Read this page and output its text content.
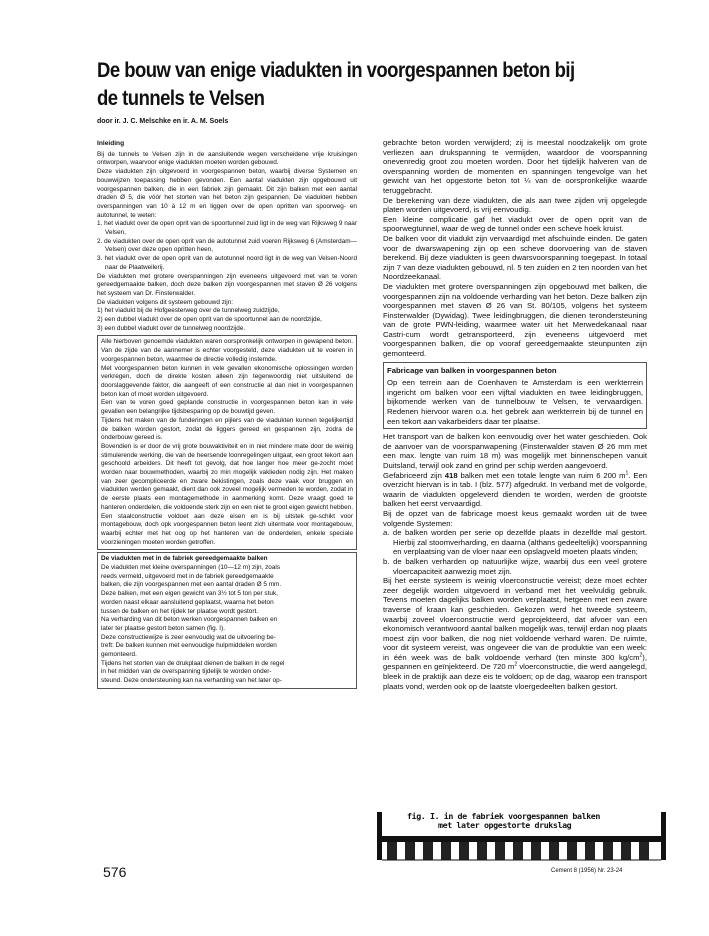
De bouw van enige viadukten in voorgespannen beton bij de tunnels te Velsen

door ir. J. C. Melschke en ir. A. M. Soels

Inleiding

Bij de tunnels te Velsen zijn in de aansluitende wegen verscheidene vrije kruisingen ontworpen, waarvoor enige viadukten moeten worden gebouwd.

Deze viadukten zijn uitgevoerd in voorgespannen beton, waarbij diverse Systemen en bouwwijzen toepassing hebben gevonden. Een aantal viadukten zijn opgebouwd uit voorgespannen balken, die in een fabriek zijn gemaakt. Dit zijn balken met een aantal draden Ø 5, die vóór het storten van het beton zijn gespannen. De viadukten hebben overspanningen van 10 à 12 m en liggen over de open opritten van spoorweg- en autotunnel, te weten:

1. het viadukt over de open oprit van de spoortunnel zuid ligt in de weg van Rijksweg 9 naar Velsen,

2. de viadukten over de open oprit van de autotunnel zuid voeren Rijksweg 6 (Amsterdam—Velsen) over deze open opritten heen,

3. het viadukt over de open oprit van de autotunnel noord ligt in de weg van Velsen-Noord naar de Plaatweilerij.

De viadukten met grotere overspanningen zijn eveneens uitgevoerd met van te voren gereedgemaakte balken, doch deze balken zijn voorgespannen met staven Ø 26 volgens het systeem van Dr. Finsterwalder.

De viadukten volgens dit systeem gebouwd zijn:

1) het viadukt bij de Hofgeesterweg over de tunnelweg zuidzijde,

2) een dubbel viadukt over de open oprit van de spoortunnel aan de noordzijde,

3) een dubbel viadukt over de tunnelweg noordzijde.

Alle hierboven genoemde viadukten waren oorspronkelijk ontworpen in gewapend beton. Van de zijde van de aannemer is echter voorgesteld, deze viadukten uit te voeren in voorgespannen beton, waarmee de directie volledig instemde.

Met voorgespannen beton kunnen in vele gevallen ekonomische oplossingen worden verkregen, doch de direkte kosten alleen zijn tegenwoordig niet uitsluitend de doorslaggevende faktor, die aangeeft of een constructie al dan niet in voorgespannen beton kan of moet worden uitgevoerd.

Een van te voren goed geplande constructie in voorgespannen beton kan in vele gevallen een belangrijke tijdsbesparing op de bouwtijd geven.

Tijdens het maken van de funderingen en pijlers van de viadukten kunnen tegelijkertijd de balken worden gestort, zodat de liggers gereed en gespannen zijn, zodra de onderbouw gereed is.

Bovendien is er door de vrij grote bouwaktiviteit en in niet mindere mate door de weinig stimulerende werking, die van de heersende loonregelingen uitgaat, een groot tekort aan geschoold arbeiders. Dit heeft tot gevolg, dat hoe langer hoe meer ge-zocht moet worden naar bouwmethoden, waarbij zo min mogelijk vaklieden nodig zijn. Het maken van zeer gecompliceerde en zware bekistingen, zoals deze vaak voor bruggen en viadukten werden gemaakt, dient dan ook zoveel mogelijk vermeden te worden, zodat in de eerste plaats een montagemethode in aanmerking komt. Deze vraagt goed te hanteren onderdelen, die voldoende sterk zijn en een niet te groot eigen gewicht hebben. Een staalconstructie voldoet aan deze eisen en is bij uitstek ge-schikt voor montagebouw, doch opk voorgespannen beton leent zich uitermate voor montagebouw, waarbij echter met het oog op het hanteren van de onderdelen, enkele speciale voorzieningen moeten worden getroffen.

De viadukten met in de fabriek gereedgemaakte balken

De viadukten met kleine overspanningen (10—12 m) zijn, zoals

reeds vermeld, uitgevoerd met in de fabriek gereedgemaakte

balken, die zijn voorgespannen met een aantal draden Ø 5 mm.

Deze balken, met een eigen gewicht van 3½ tot 5 ton per stuk,

worden naast elkaar aansluitend geplaatst, waarna het beton

tussen de balken en het rijdek ter plaatse wordt gestort.

Na verharding van dit beton werken voorgespannen balken en

later ter plaatse gestort beton samen (fig. I).

Deze constructiewijze is zeer eenvoudig wat de uitvoering be-

treft: De balken kunnen met eenvoudige hulpmiddelen worden

gemonteerd.

Tijdens het storten van de drukplaat dienen de balken in de regel

in het midden van de overspanning tijdelijk te worden onder-

steund. Deze ondersteuning kan na verharding van het later op-

gebrachte beton worden verwijderd; zij is meestal noodzakelijk om grote verliezen aan drukspanning te vermijden, waardoor de voorspanning onevenredig groot zou moeten worden. Door het tijdelijk halveren van de overspanning worden de momenten en spanningen tengevolge van het gewicht van het opgestorte beton tot ¼ van de oorspronkelijke waarde teruggebracht.

De berekening van deze viadukten, die als aan twee zijden vrij opgelegde platen worden uitgevoerd, is vrij eenvoudig.

Een kleine complicatie gaf het viadukt over de open oprit van de spoorwegtunnel, waar de weg de tunnel onder een scheve hoek kruist.

De balken voor dit viadukt zijn vervaardigd met afschuinde einden. De gaten voor de dwarswapening zijn op een scheve doorvoering van de staven berekend. Bij deze viadukten is geen dwarsvoorspanning toegepast. In totaal zijn 7 van deze viadukten gebouwd, nl. 5 ten zuiden en 2 ten noorden van het Noordzeekanaal.

De viadukten met grotere overspanningen zijn opgebouwd met balken, die voorgespannen zijn na voldoende verharding van het beton. Deze balken zijn voorgespannen met staven Ø 26 van St. 80/105, volgens het systeem Finsterwalder (Dywidag). Twee leidingbruggen, die dienen terondersteuning van de grote PWN-leiding, waarmee water uit het Merwedekanaal naar Castri-cum wordt getransporteerd, zijn eveneens uitgevoerd met voorgespannen balken, die op vooraf gereedgemaakte steunpunten zijn gemonteerd.

Fabricage van balken in voorgespannen beton

Op een terrein aan de Coenhaven te Amsterdam is een werkterrein ingericht om balken voor een vijftal viadukten en twee leidingbruggen, bijkomende werken van de tunnelbouw te Velsen, te vervaardigen. Redenen hiervoor waren o.a. het gebrek aan werkterrein bij de tunnel en een tekort aan vakarbeiders daar ter plaatse.

Het transport van de balken kon eenvoudig over het water geschieden. Ook de aanvoer van de voorspanwapening (Finsterwalder staven Ø 26 mm met een max. lengte van ruim 18 m) was mogelijk met binnenschepen vanuit Duitsland, terwijl ook zand en grind per schip werden aangevoerd.

Gefabriceerd zijn 418 balken met een totale lengte van ruim 6 200 $m^1$. Een overzicht hiervan is in tab. I (blz. 577) afgedrukt. In verband met de volgorde, waarin de viadukten opgeleverd dienden te worden, werden de grootste balken het eerst vervaardigd.

Bij de opzet van de fabricage moest keus gemaakt worden uit de twee volgende Systemen:

a. de balken worden per serie op dezelfde plaats in dezelfde mal gestort. Hierbij zal stoomverharding, en daarna (althans gedeeltelijk) voorspanning en verplaatsing van de vloer naar een opslagveld moeten plaats vinden;

b. de balken verharden op natuurlijke wijze, waarbij dus een veel grotere vloercapaciteit aanwezig moet zijn.

Bij het eerste systeem is weinig vloerconstructie vereist; deze moet echter zeer degelijk worden uitgevoerd in verband met het veelvuldig gebruik. Tevens moeten dagelijks balken worden verplaatst, hetgeen met een zware traverse of kraan kan geschieden. Gekozen werd het tweede systeem, waarbij zoveel vloerconstructie werd geprojekteerd, dat afvoer van een ekonomisch verantwoord aantal balken mogelijk was, terwijl erdan nog plaats moest zijn voor balken, die nog niet voldoende verhard waren. De ruimte, voor dit systeem vereist, was ongeveer die van de produktie van een week: in één week was de balk voldoende verhard (ten minste 300 $kg/cm^2$), gespannen en geïnjekteerd. De 720 $m^2$ vloerconstructie, die werd aangelegd, bleek in de praktijk aan deze eis te voldoen; op de dag, waarop een transport plaats vond, werden ook op de laatste vloergedeelten balken gestort.

fig. I. in de fabriek voorgespannen balken
met later opgestorte drukslag

576	Cement 8 (1956) Nr. 23-24
